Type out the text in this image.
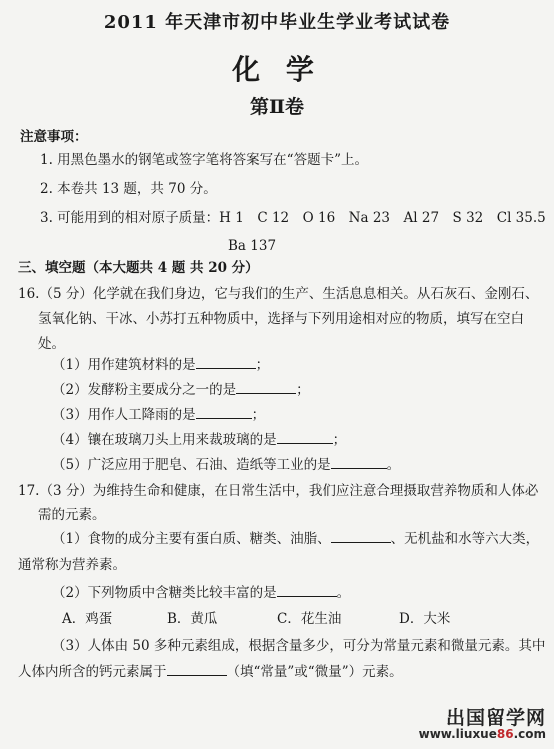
2011 年天津市初中毕业生学业考试试卷
化 学
第Ⅱ卷
注意事项：
1. 用黑色墨水的钢笔或签字笔将答案写在“答题卡”上。
2. 本卷共 13 题，共 70 分。
3. 可能用到的相对原子质量：H 1　C 12　O 16　Na 23　Al 27　S 32　Cl 35.5
Ba 137
三、填空题（本大题共 4 题 共 20 分）
16.（5 分）化学就在我们身边，它与我们的生产、生活息息相关。从石灰石、金刚石、
氢氧化钠、干冰、小苏打五种物质中，选择与下列用途相对应的物质，填写在空白
处。
（1）用作建筑材料的是	；
（2）发酵粉主要成分之一的是	；
（3）用作人工降雨的是	；
（4）镶在玻璃刀头上用来裁玻璃的是	；
（5）广泛应用于肥皂、石油、造纸等工业的是	。
17.（3 分）为维持生命和健康，在日常生活中，我们应注意合理摄取营养物质和人体必
需的元素。
（1）食物的成分主要有蛋白质、糖类、油脂、	、无机盐和水等六大类，
通常称为营养素。
（2）下列物质中含糖类比较丰富的是	。
A．鸡蛋	B．黄瓜	C．花生油	D．大米
（3）人体由 50 多种元素组成，根据含量多少，可分为常量元素和微量元素。其中
人体内所含的钙元素属于	（填“常量”或“微量”）元素。
出国留学网
www.liuxue86.com
